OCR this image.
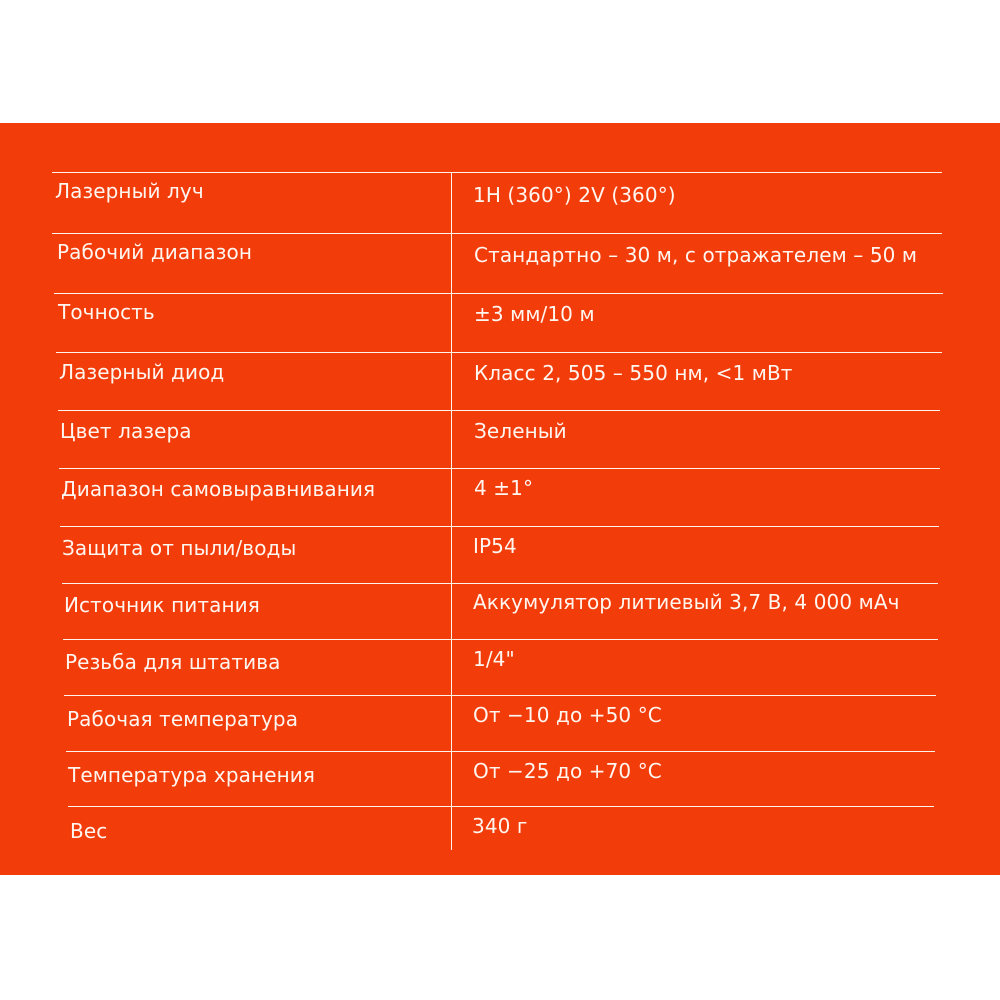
Лазерный луч	1H (360°) 2V (360°)
Рабочий диапазон	Стандартно – 30 м, с отражателем – 50 м
Точность	±3 мм/10 м
Лазерный диод	Класс 2, 505 – 550 нм, <1 мВт
Цвет лазера	Зеленый
Диапазон самовыравнивания	4 ±1°
Защита от пыли/воды	IP54
Источник питания	Аккумулятор литиевый 3,7 В, 4 000 мАч
Резьба для штатива	1/4"
Рабочая температура	От −10 до +50 °С
Температура хранения	От −25 до +70 °С
Вес	340 г
